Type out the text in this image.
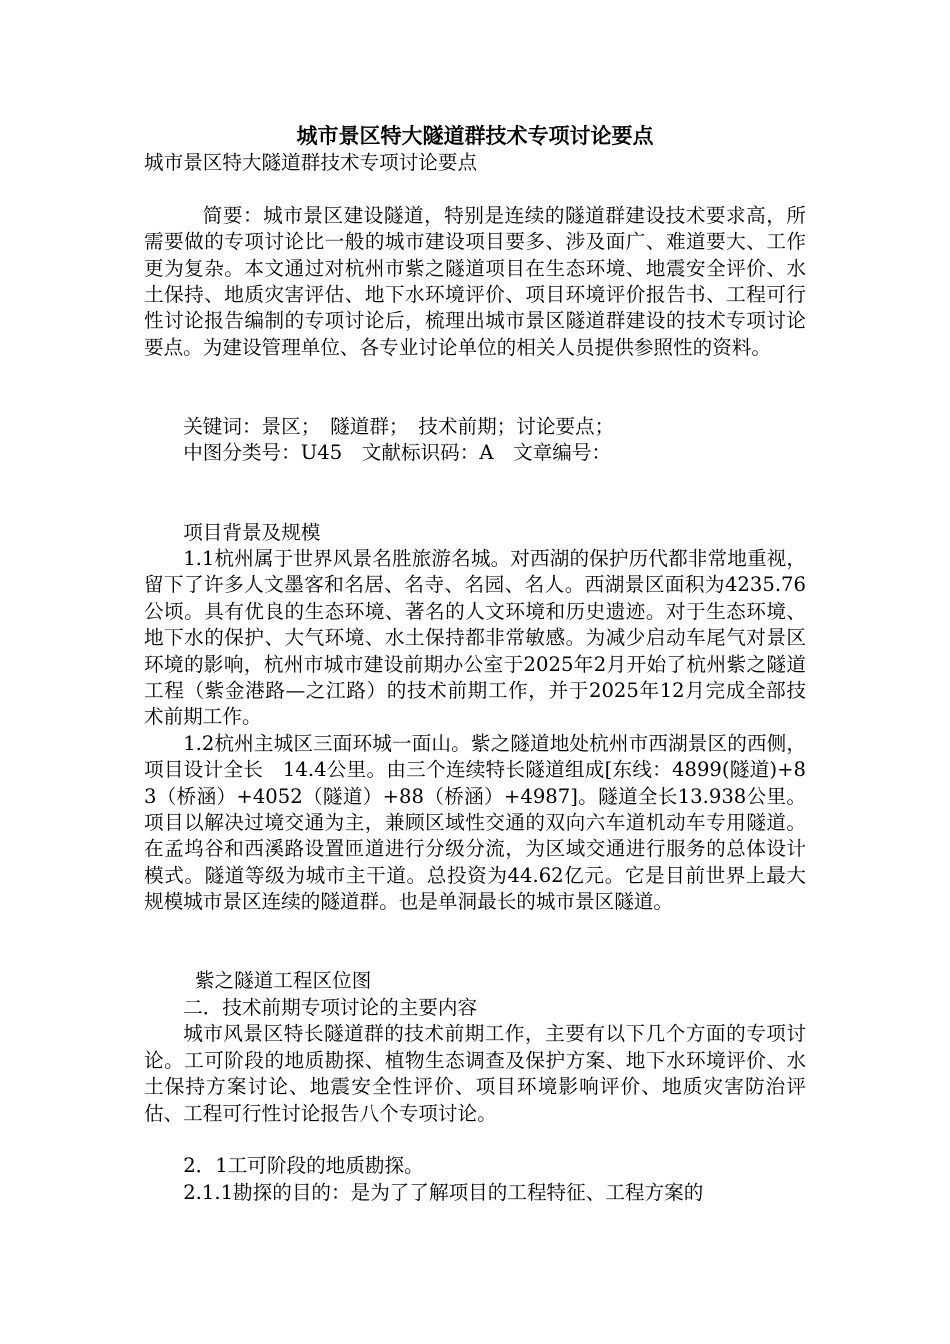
城市景区特大隧道群技术专项讨论要点

城市景区特大隧道群技术专项讨论要点

简要：城市景区建设隧道，特别是连续的隧道群建设技术要求高，所需要做的专项讨论比一般的城市建设项目要多、涉及面广、难道要大、工作更为复杂。本文通过对杭州市紫之隧道项目在生态环境、地震安全评价、水土保持、地质灾害评估、地下水环境评价、项目环境评价报告书、工程可行性讨论报告编制的专项讨论后，梳理出城市景区隧道群建设的技术专项讨论要点。为建设管理单位、各专业讨论单位的相关人员提供参照性的资料。

关键词：景区；　隧道群；　技术前期；讨论要点；

中图分类号：U45　文献标识码：A　文章编号：

项目背景及规模

1.1杭州属于世界风景名胜旅游名城。对西湖的保护历代都非常地重视，留下了许多人文墨客和名居、名寺、名园、名人。西湖景区面积为4235.76公顷。具有优良的生态环境、著名的人文环境和历史遗迹。对于生态环境、地下水的保护、大气环境、水土保持都非常敏感。为减少启动车尾气对景区环境的影响，杭州市城市建设前期办公室于2025年2月开始了杭州紫之隧道工程（紫金港路—之江路）的技术前期工作，并于2025年12月完成全部技术前期工作。

1.2杭州主城区三面环城一面山。紫之隧道地处杭州市西湖景区的西侧，项目设计全长　14.4公里。由三个连续特长隧道组成[东线：4899(隧道)+83（桥涵）+4052（隧道）+88（桥涵）+4987]。隧道全长13.938公里。项目以解决过境交通为主，兼顾区域性交通的双向六车道机动车专用隧道。在孟坞谷和西溪路设置匝道进行分级分流，为区域交通进行服务的总体设计模式。隧道等级为城市主干道。总投资为44.62亿元。它是目前世界上最大规模城市景区连续的隧道群。也是单洞最长的城市景区隧道。

紫之隧道工程区位图

二．技术前期专项讨论的主要内容

城市风景区特长隧道群的技术前期工作，主要有以下几个方面的专项讨论。工可阶段的地质勘探、植物生态调查及保护方案、地下水环境评价、水土保持方案讨论、地震安全性评价、项目环境影响评价、地质灾害防治评估、工程可行性讨论报告八个专项讨论。

2．1工可阶段的地质勘探。

2.1.1勘探的目的：是为了了解项目的工程特征、工程方案的
